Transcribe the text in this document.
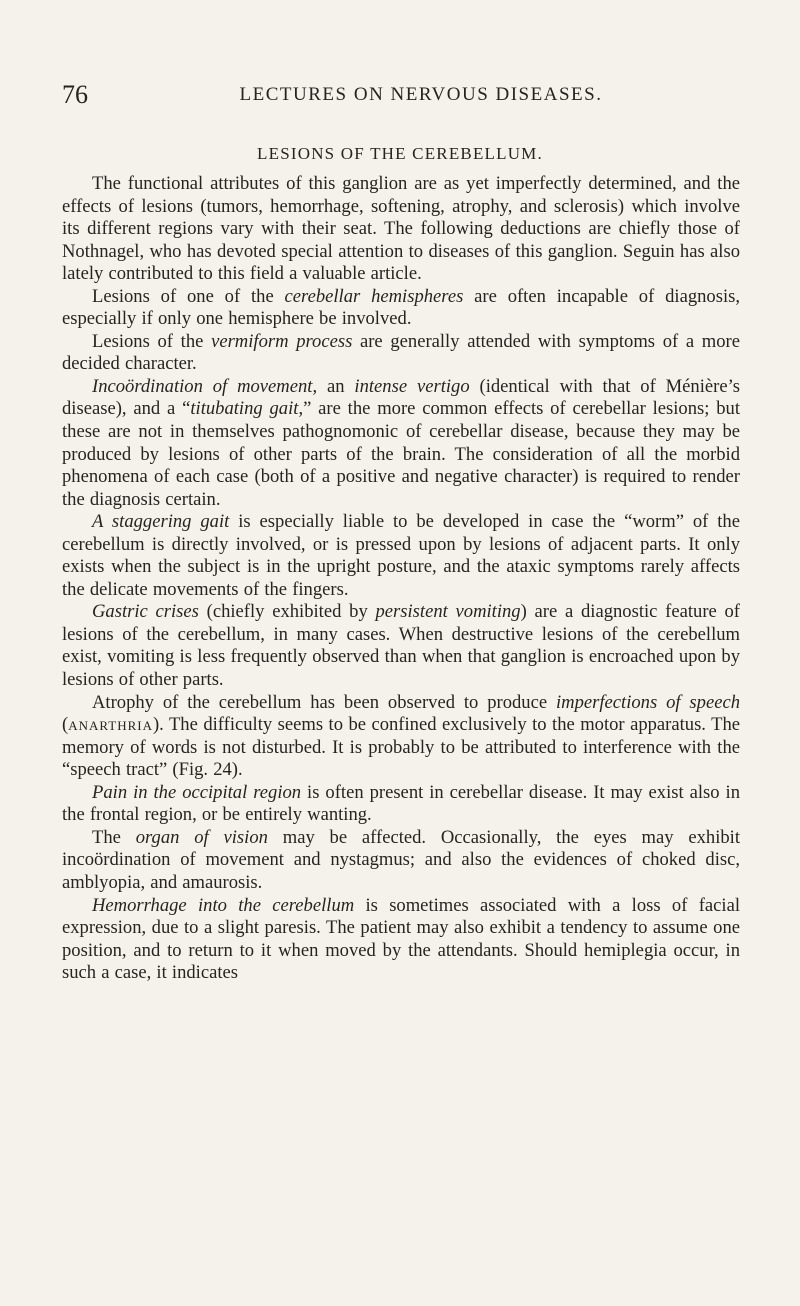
76	LECTURES ON NERVOUS DISEASES.
LESIONS OF THE CEREBELLUM.

The functional attributes of this ganglion are as yet imperfectly determined, and the effects of lesions (tumors, hemorrhage, softening, atrophy, and sclerosis) which involve its different regions vary with their seat. The following deductions are chiefly those of Nothnagel, who has devoted special attention to diseases of this ganglion. Seguin has also lately contributed to this field a valuable article.

Lesions of one of the cerebellar hemispheres are often incapable of diagnosis, especially if only one hemisphere be involved.

Lesions of the vermiform process are generally attended with symptoms of a more decided character.

Incoördination of movement, an intense vertigo (identical with that of Ménière’s disease), and a “titubating gait,” are the more common effects of cerebellar lesions; but these are not in themselves pathognomonic of cerebellar disease, because they may be produced by lesions of other parts of the brain. The consideration of all the morbid phenomena of each case (both of a positive and negative character) is required to render the diagnosis certain.

A staggering gait is especially liable to be developed in case the “worm” of the cerebellum is directly involved, or is pressed upon by lesions of adjacent parts. It only exists when the subject is in the upright posture, and the ataxic symptoms rarely affects the delicate movements of the fingers.

Gastric crises (chiefly exhibited by persistent vomiting) are a diagnostic feature of lesions of the cerebellum, in many cases. When destructive lesions of the cerebellum exist, vomiting is less frequently observed than when that ganglion is encroached upon by lesions of other parts.

Atrophy of the cerebellum has been observed to produce imperfections of speech (anarthria). The difficulty seems to be confined exclusively to the motor apparatus. The memory of words is not disturbed. It is probably to be attributed to interference with the “speech tract” (Fig. 24).

Pain in the occipital region is often present in cerebellar disease. It may exist also in the frontal region, or be entirely wanting.

The organ of vision may be affected. Occasionally, the eyes may exhibit incoördination of movement and nystagmus; and also the evidences of choked disc, amblyopia, and amaurosis.

Hemorrhage into the cerebellum is sometimes associated with a loss of facial expression, due to a slight paresis. The patient may also exhibit a tendency to assume one position, and to return to it when moved by the attendants. Should hemiplegia occur, in such a case, it indicates
